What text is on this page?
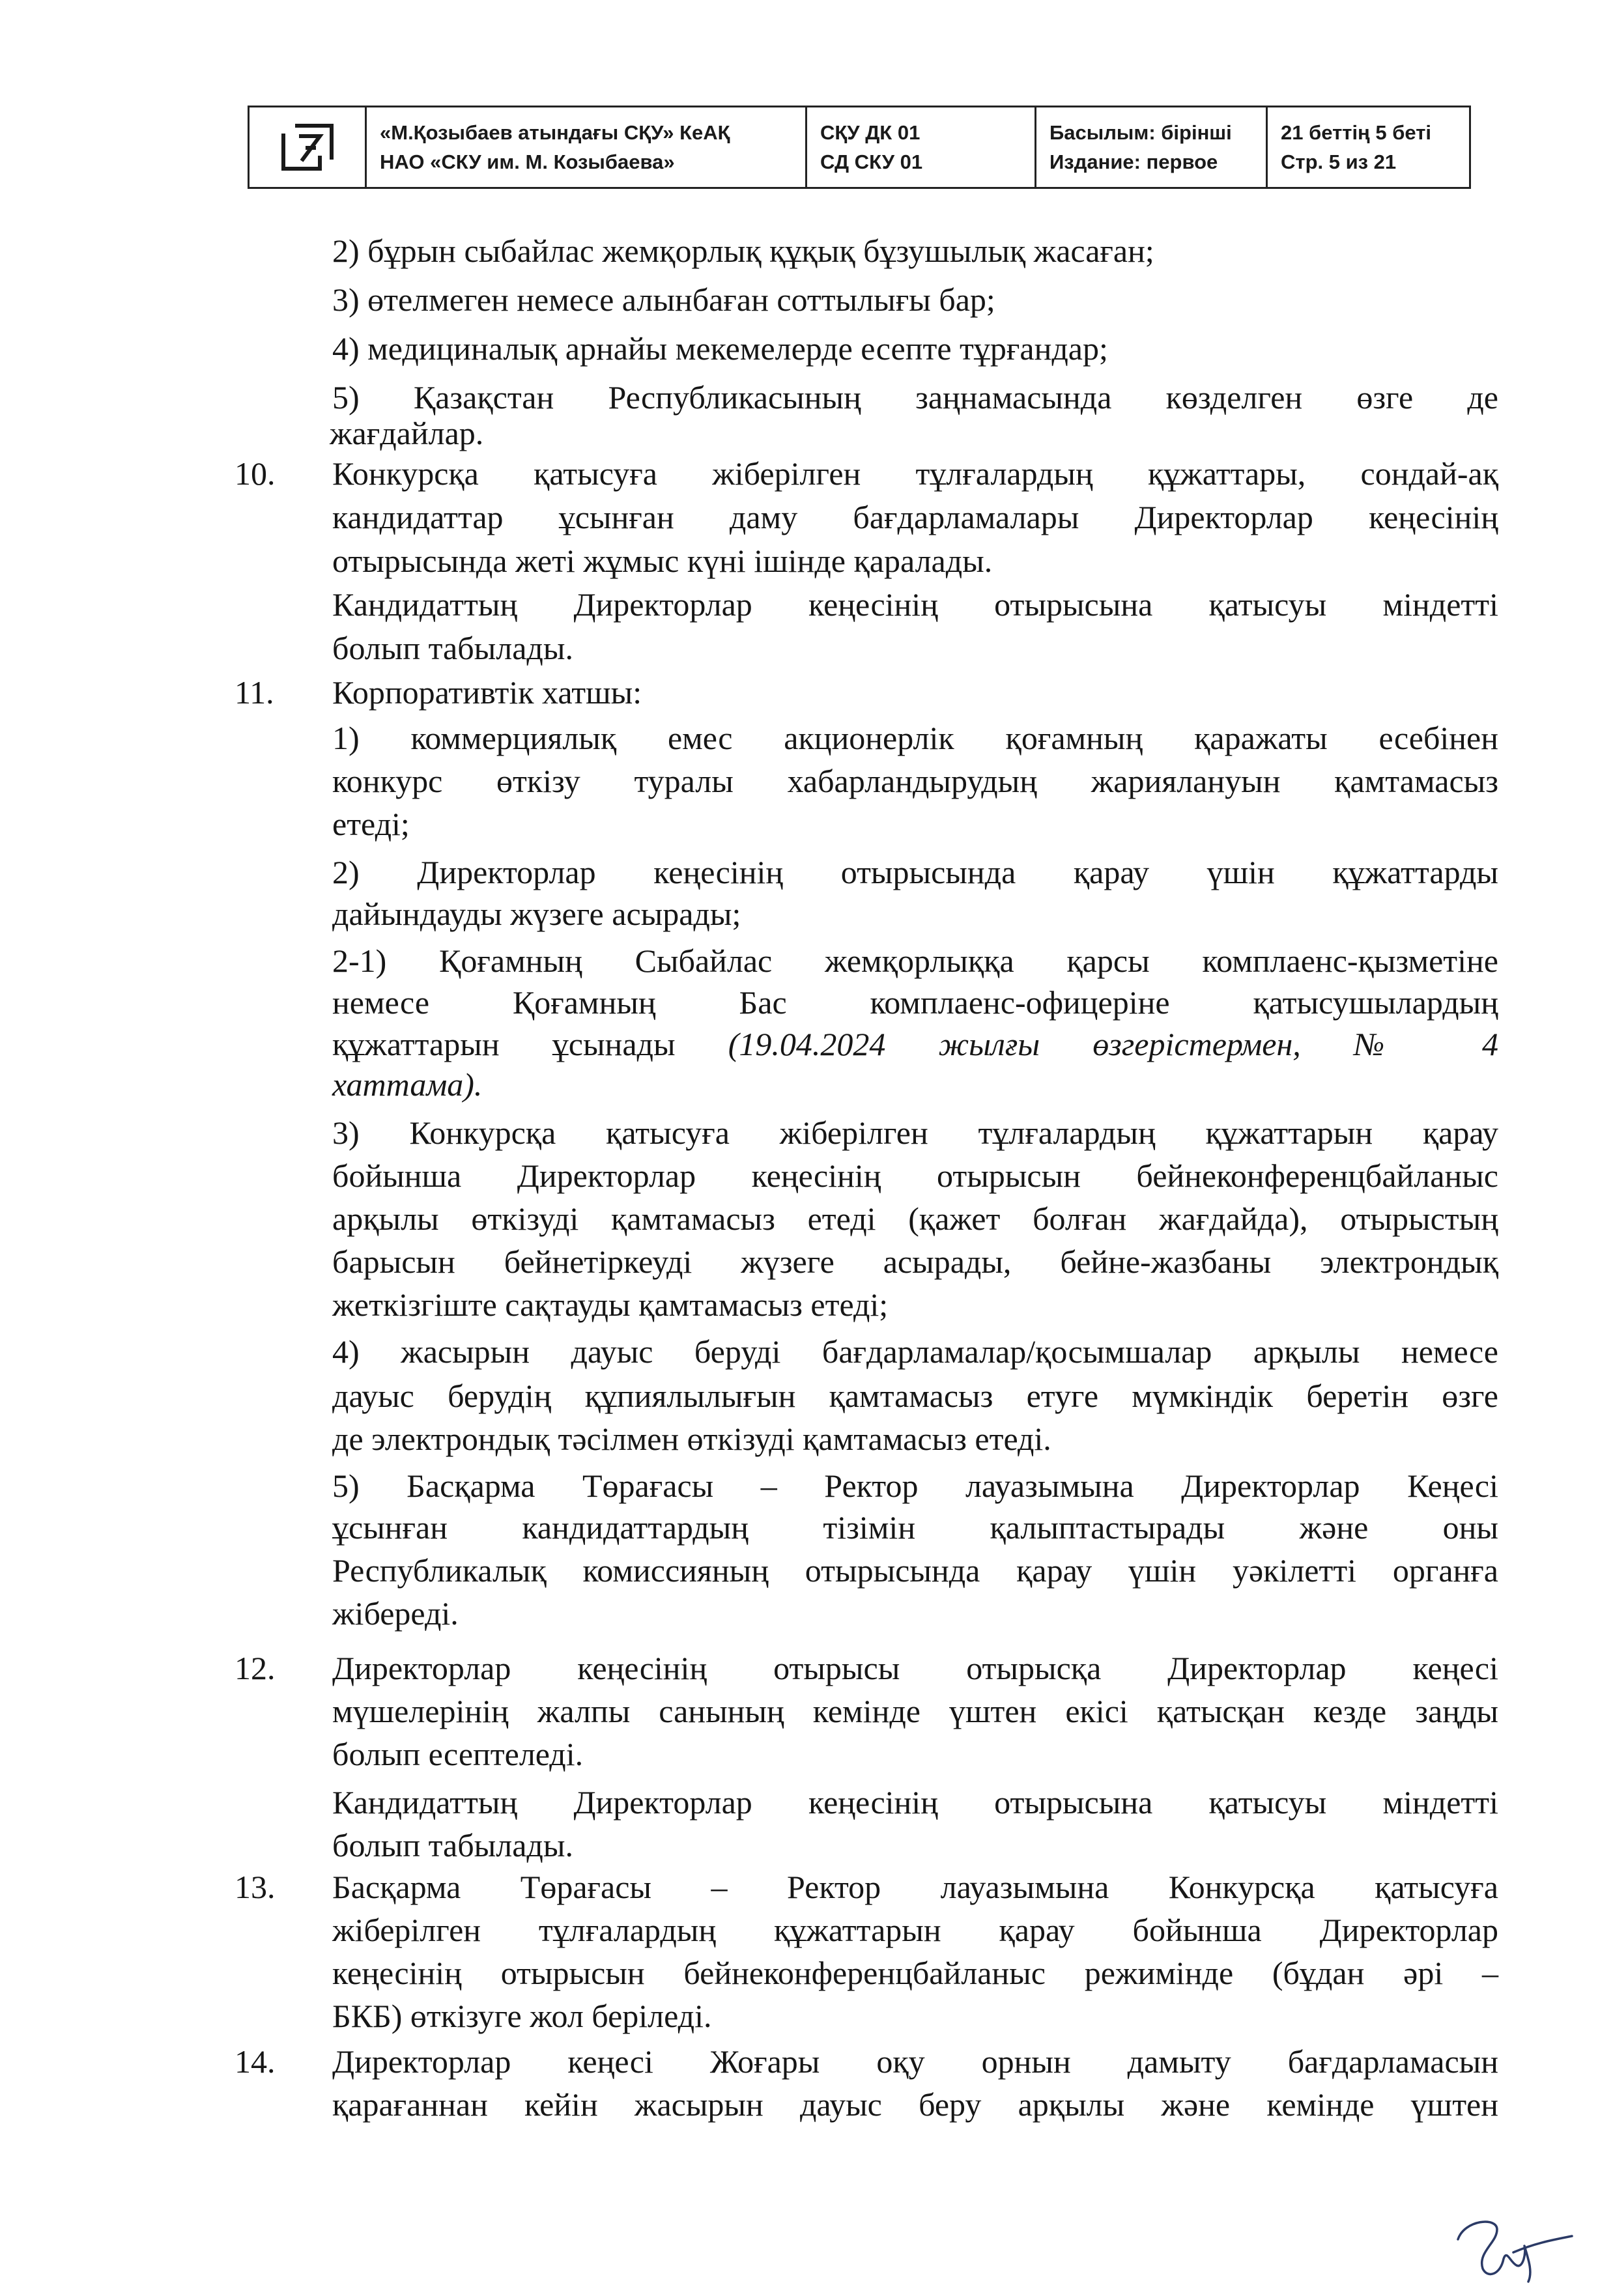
«М.Қозыбаев атындағы СҚУ» КеАҚ
НАО «СКУ им. М. Козыбаева»
СҚУ ДК 01
СД СКУ 01
Басылым: бірінші
Издание: первое
21 беттің 5 беті
Стр. 5 из 21
2) бұрын сыбайлас жемқорлық құқық бұзушылық жасаған;
3) өтелмеген немесе алынбаған соттылығы бар;
4) медициналық арнайы мекемелерде есепте тұрғандар;
5) Қазақстан Республикасының заңнамасында көзделген өзге де
жағдайлар.
10. Конкурсқа қатысуға жіберілген тұлғалардың құжаттары, сондай-ақ
кандидаттар ұсынған даму бағдарламалары Директорлар кеңесінің
отырысында жеті жұмыс күні ішінде қаралады.
Кандидаттың Директорлар кеңесінің отырысына қатысуы міндетті
болып табылады.
11. Корпоративтік хатшы:
1) коммерциялық емес акционерлік қоғамның қаражаты есебінен
конкурс өткізу туралы хабарландырудың жариялануын қамтамасыз
етеді;
2) Директорлар кеңесінің отырысында қарау үшін құжаттарды
дайындауды жүзеге асырады;
2-1) Қоғамның Сыбайлас жемқорлыққа қарсы комплаенс-қызметіне
немесе Қоғамның Бас комплаенс-офицеріне қатысушылардың
құжаттарын ұсынады (19.04.2024 жылғы өзгерістермен, № 4
хаттама).
3) Конкурсқа қатысуға жіберілген тұлғалардың құжаттарын қарау
бойынша Директорлар кеңесінің отырысын бейнеконференцбайланыс
арқылы өткізуді қамтамасыз етеді (қажет болған жағдайда), отырыстың
барысын бейнетіркеуді жүзеге асырады, бейне-жазбаны электрондық
жеткізгіште сақтауды қамтамасыз етеді;
4) жасырын дауыс беруді бағдарламалар/қосымшалар арқылы немесе
дауыс берудің құпиялылығын қамтамасыз етуге мүмкіндік беретін өзге
де электрондық тәсілмен өткізуді қамтамасыз етеді.
5) Басқарма Төрағасы – Ректор лауазымына Директорлар Кеңесі
ұсынған кандидаттардың тізімін қалыптастырады және оны
Республикалық комиссияның отырысында қарау үшін уәкілетті органға
жібереді.
12. Директорлар кеңесінің отырысы отырысқа Директорлар кеңесі
мүшелерінің жалпы санының кемінде үштен екісі қатысқан кезде заңды
болып есептеледі.
Кандидаттың Директорлар кеңесінің отырысына қатысуы міндетті
болып табылады.
13. Басқарма Төрағасы – Ректор лауазымына Конкурсқа қатысуға
жіберілген тұлғалардың құжаттарын қарау бойынша Директорлар
кеңесінің отырысын бейнеконференцбайланыс режимінде (бұдан әрі –
БКБ) өткізуге жол беріледі.
14. Директорлар кеңесі Жоғары оқу орнын дамыту бағдарламасын
қарағаннан кейін жасырын дауыс беру арқылы және кемінде үштен
